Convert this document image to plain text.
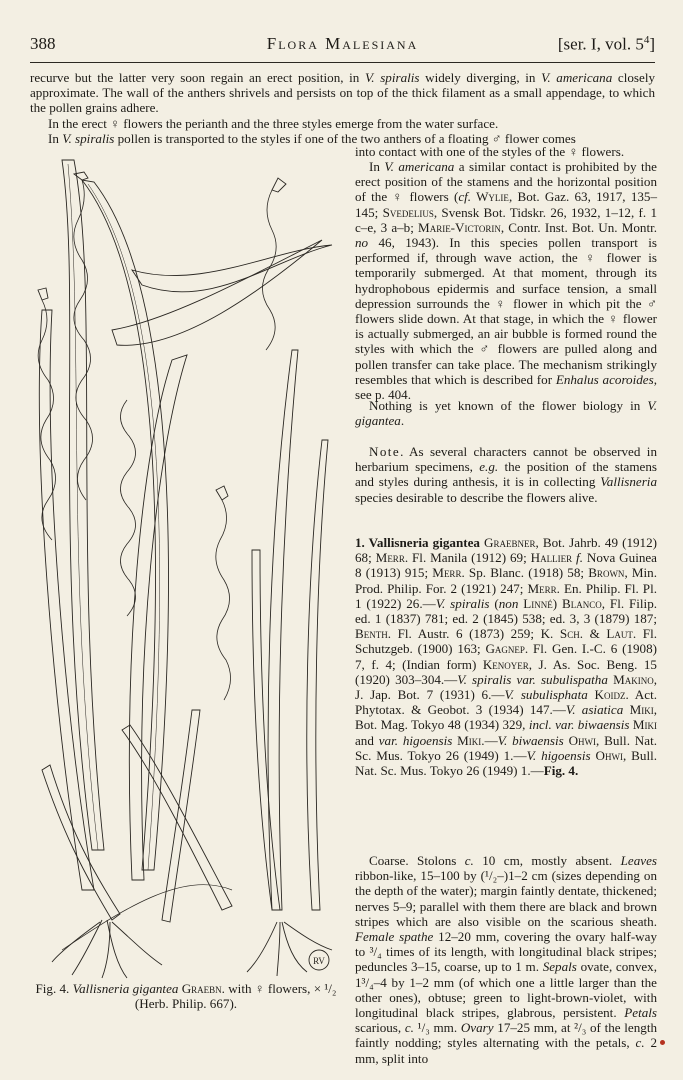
388	Flora Malesiana	[ser. I, vol. $5^4$]
recurve but the latter very soon regain an erect position, in V. spiralis widely diverging, in V. americana closely approximate. The wall of the anthers shrivels and persists on top of the thick filament as a small appendage, to which the pollen grains adhere.
In the erect ♀ flowers the perianth and the three styles emerge from the water surface.
In V. spiralis pollen is transported to the styles if one of the two anthers of a floating ♂ flower comes
into contact with one of the styles of the ♀ flowers.

In V. americana a similar contact is prohibited by the erect position of the stamens and the horizontal position of the ♀ flowers (cf. Wylie, Bot. Gaz. 63, 1917, 135–145; Svedelius, Svensk Bot. Tidskr. 26, 1932, 1–12, f. 1 c–e, 3 a–b; Marie-Victorin, Contr. Inst. Bot. Un. Montr. no 46, 1943). In this species pollen transport is performed if, through wave action, the ♀ flower is temporarily submerged. At that moment, through its hydrophobous epidermis and surface tension, a small depression surrounds the ♀ flower in which pit the ♂ flowers slide down. At that stage, in which the ♀ flower is actually submerged, an air bubble is formed round the styles with which the ♂ flowers are pulled along and pollen transfer can take place. The mechanism strikingly resembles that which is described for Enhalus acoroides, see p. 404.

Nothing is yet known of the flower biology in V. gigantea.

Note. As several characters cannot be observed in herbarium specimens, e.g. the position of the stamens and styles during anthesis, it is in collecting Vallisneria species desirable to describe the flowers alive.

1. Vallisneria gigantea Graebner, Bot. Jahrb. 49 (1912) 68; Merr. Fl. Manila (1912) 69; Hallier f. Nova Guinea 8 (1913) 915; Merr. Sp. Blanc. (1918) 58; Brown, Min. Prod. Philip. For. 2 (1921) 247; Merr. En. Philip. Fl. Pl. 1 (1922) 26.—V. spiralis (non Linné) Blanco, Fl. Filip. ed. 1 (1837) 781; ed. 2 (1845) 538; ed. 3, 3 (1879) 187; Benth. Fl. Austr. 6 (1873) 259; K. Sch. & Laut. Fl. Schutzgeb. (1900) 163; Gagnep. Fl. Gen. I.-C. 6 (1908) 7, f. 4; (Indian form) Kenoyer, J. As. Soc. Beng. 15 (1920) 303–304.—V. spiralis var. subulispatha Makino, J. Jap. Bot. 7 (1931) 6.—V. subulisphata Koidz. Act. Phytotax. & Geobot. 3 (1934) 147.—V. asiatica Miki, Bot. Mag. Tokyo 48 (1934) 329, incl. var. biwaensis Miki and var. higoensis Miki.—V. biwaensis Ohwi, Bull. Nat. Sc. Mus. Tokyo 26 (1949) 1.—V. higoensis Ohwi, Bull. Nat. Sc. Mus. Tokyo 26 (1949) 1.—Fig. 4.

Coarse. Stolons c. 10 cm, mostly absent. Leaves ribbon-like, 15–100 by (¹/₂–)1–2 cm (sizes depending on the depth of the water); margin faintly dentate, thickened; nerves 5–9; parallel with them there are black and brown stripes which are also visible on the scarious sheath. Female spathe 12–20 mm, covering the ovary half-way to ³/₄ times of its length, with longitudinal black stripes; peduncles 3–15, coarse, up to 1 m. Sepals ovate, convex, 1³/₄–4 by 1–2 mm (of which one a little larger than the other ones), obtuse; green to light-brown-violet, with longitudinal black stripes, glabrous, persistent. Petals scarious, c. ¹/₃ mm. Ovary 17–25 mm, at ²/₃ of the length faintly nodding; styles alternating with the petals, c. 2 mm, split into

RV
Fig. 4. Vallisneria gigantea Graebn. with ♀ flowers, × ¹/₂ (Herb. Philip. 667).
